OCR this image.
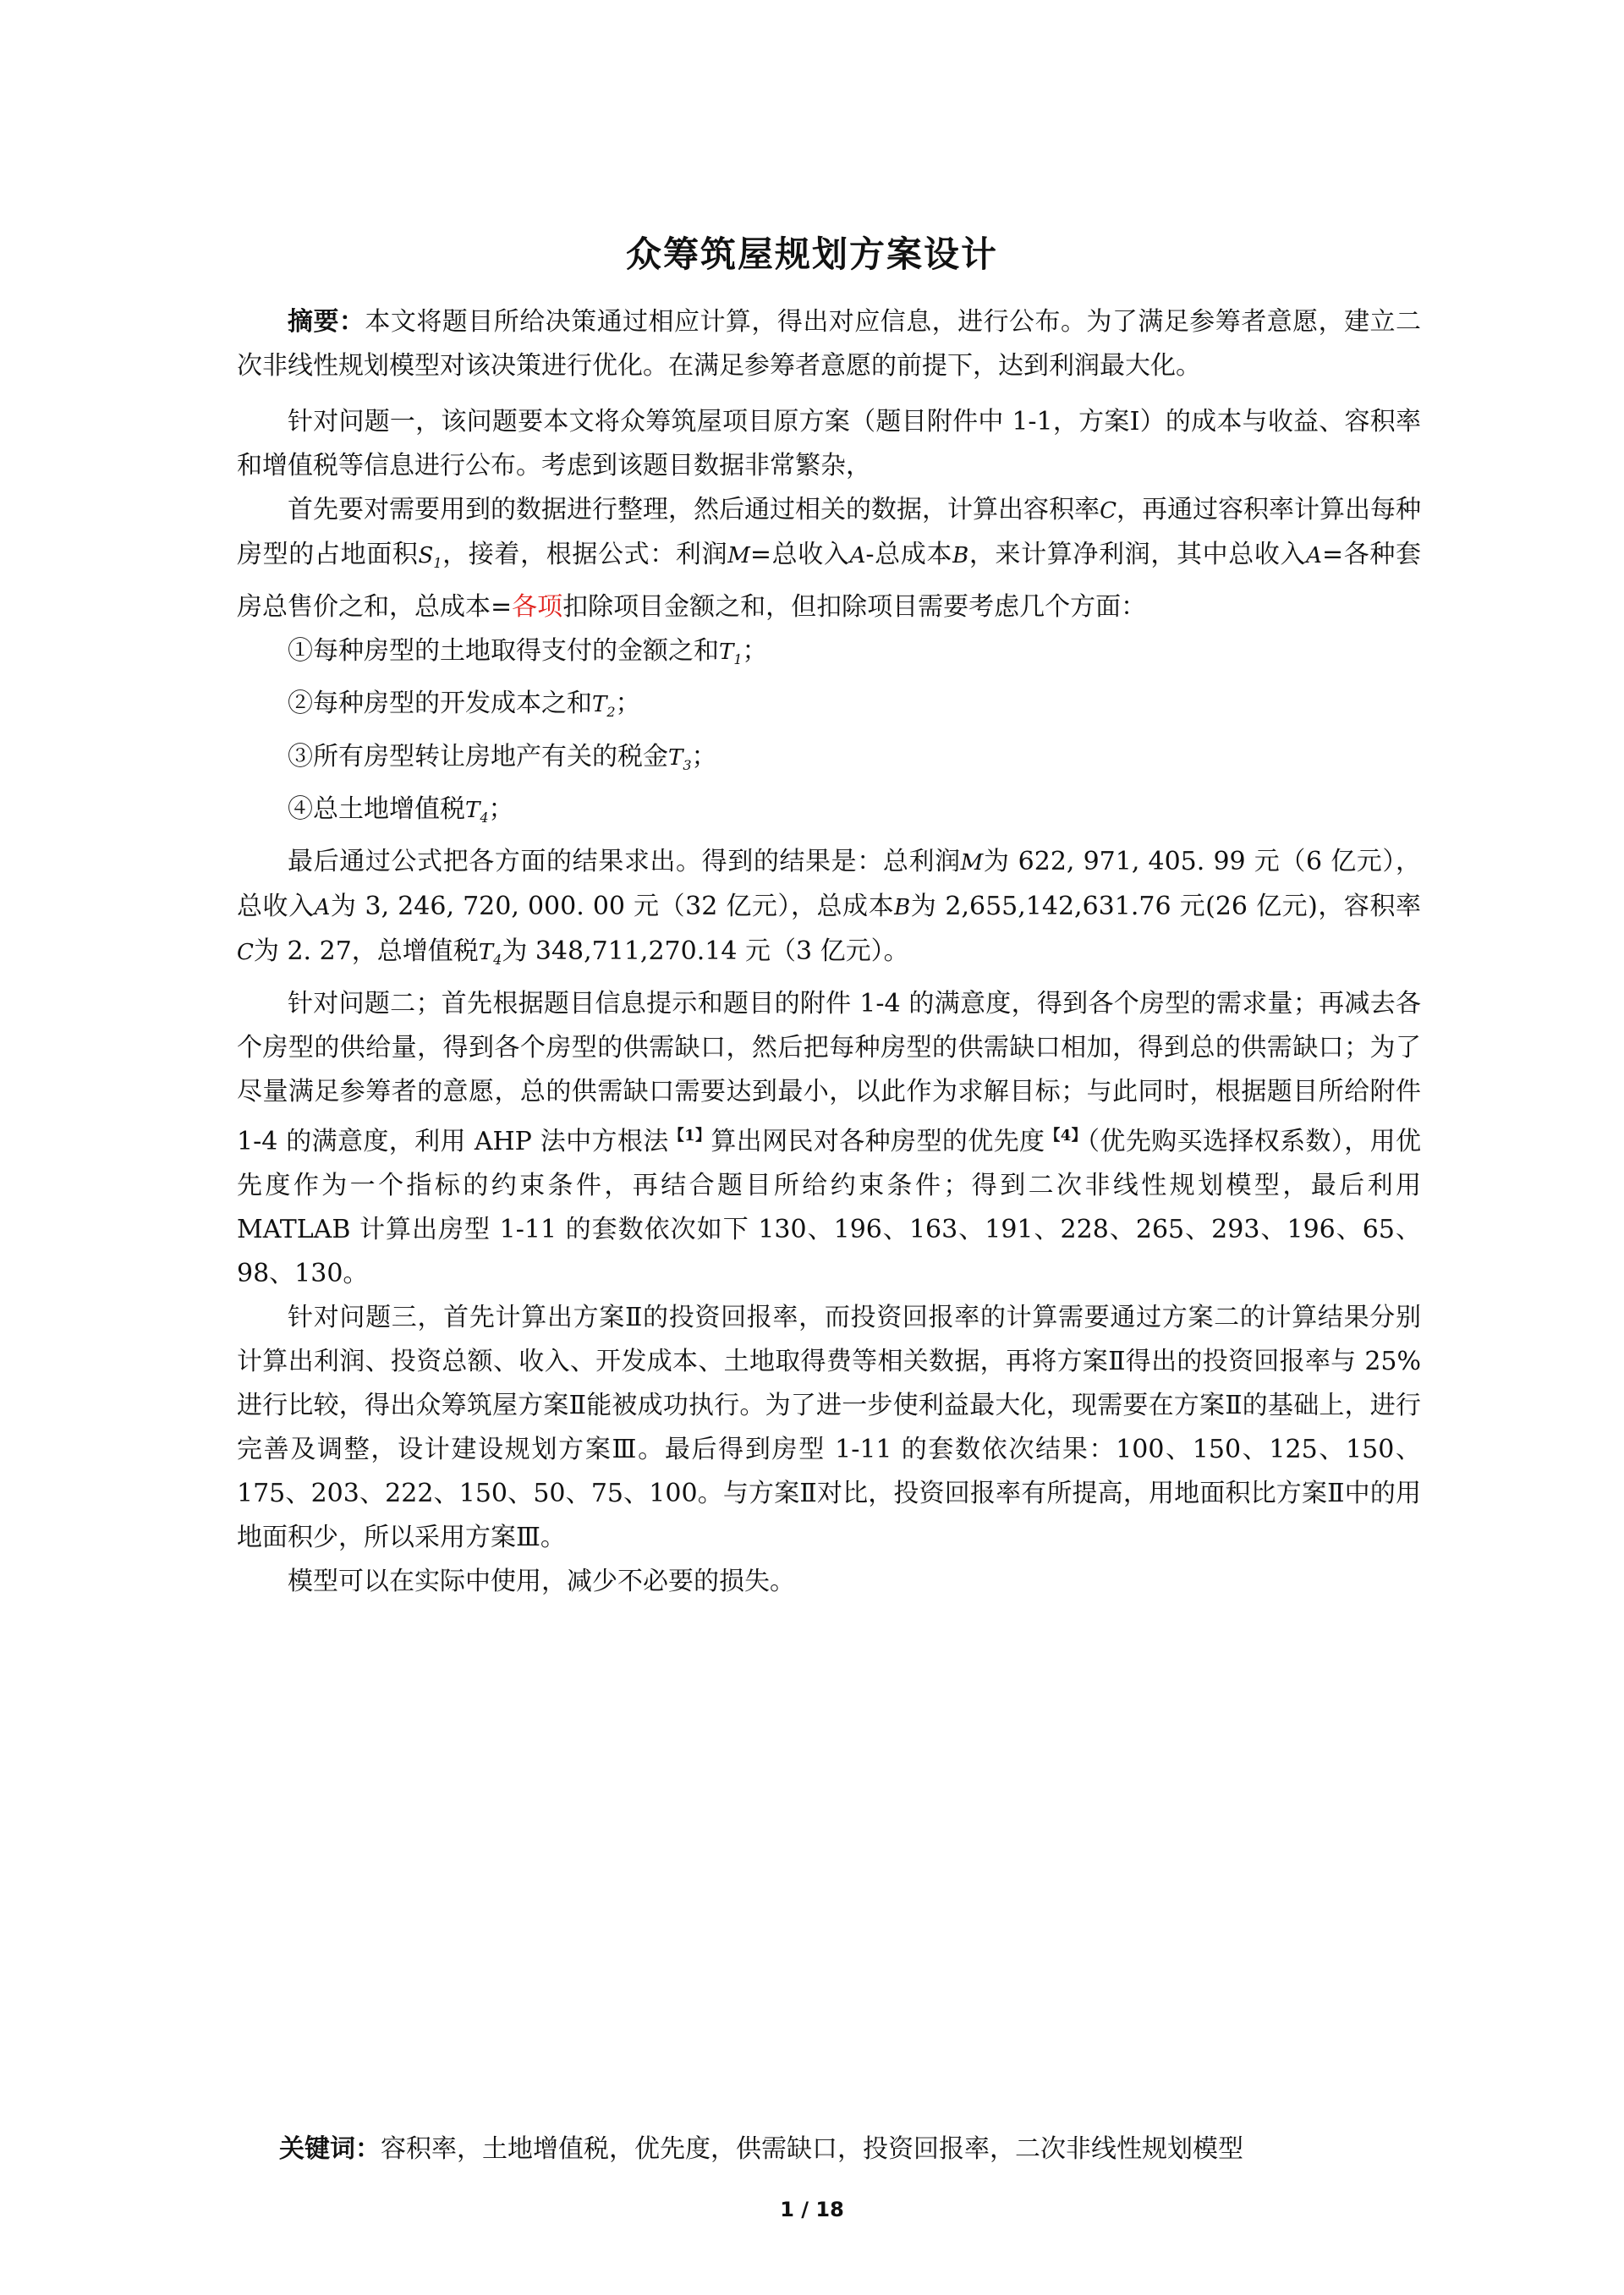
众筹筑屋规划方案设计

摘要：本文将题目所给决策通过相应计算，得出对应信息，进行公布。为了满足参筹者意愿，建立二次非线性规划模型对该决策进行优化。在满足参筹者意愿的前提下，达到利润最大化。

针对问题一，该问题要本文将众筹筑屋项目原方案（题目附件中 1-1，方案Ⅰ）的成本与收益、容积率和增值税等信息进行公布。考虑到该题目数据非常繁杂，

首先要对需要用到的数据进行整理，然后通过相关的数据，计算出容积率C，再通过容积率计算出每种房型的占地面积$S_1$，接着，根据公式：利润M=总收入A-总成本B，来计算净利润，其中总收入A=各种套房总售价之和，总成本=各项扣除项目金额之和，但扣除项目需要考虑几个方面：

①每种房型的土地取得支付的金额之和$T_1$；

②每种房型的开发成本之和$T_2$；

③所有房型转让房地产有关的税金$T_3$；

④总土地增值税$T_4$；

最后通过公式把各方面的结果求出。得到的结果是：总利润M为 622, 971, 405. 99 元（6 亿元），总收入A为 3, 246, 720, 000. 00 元（32 亿元），总成本B为 2,655,142,631.76 元(26 亿元)，容积率C为 2. 27，总增值税$T_4$为 348,711,270.14 元（3 亿元）。

针对问题二；首先根据题目信息提示和题目的附件 1-4 的满意度，得到各个房型的需求量；再减去各个房型的供给量，得到各个房型的供需缺口，然后把每种房型的供需缺口相加，得到总的供需缺口；为了尽量满足参筹者的意愿，总的供需缺口需要达到最小，以此作为求解目标；与此同时，根据题目所给附件 1-4 的满意度，利用 AHP 法中方根法$^{【1】}$算出网民对各种房型的优先度$^{【4】}$（优先购买选择权系数），用优先度作为一个指标的约束条件，再结合题目所给约束条件；得到二次非线性规划模型，最后利用 MATLAB 计算出房型 1-11 的套数依次如下 130、196、163、191、228、265、293、196、65、98、130。

针对问题三，首先计算出方案Ⅱ的投资回报率，而投资回报率的计算需要通过方案二的计算结果分别计算出利润、投资总额、收入、开发成本、土地取得费等相关数据，再将方案Ⅱ得出的投资回报率与 25%进行比较，得出众筹筑屋方案Ⅱ能被成功执行。为了进一步使利益最大化，现需要在方案Ⅱ的基础上，进行完善及调整，设计建设规划方案Ⅲ。最后得到房型 1-11 的套数依次结果：100、150、125、150、175、203、222、150、50、75、100。与方案Ⅱ对比，投资回报率有所提高，用地面积比方案Ⅱ中的用地面积少，所以采用方案Ⅲ。

模型可以在实际中使用，减少不必要的损失。

关键词：容积率，土地增值税，优先度，供需缺口，投资回报率，二次非线性规划模型
1 / 18
